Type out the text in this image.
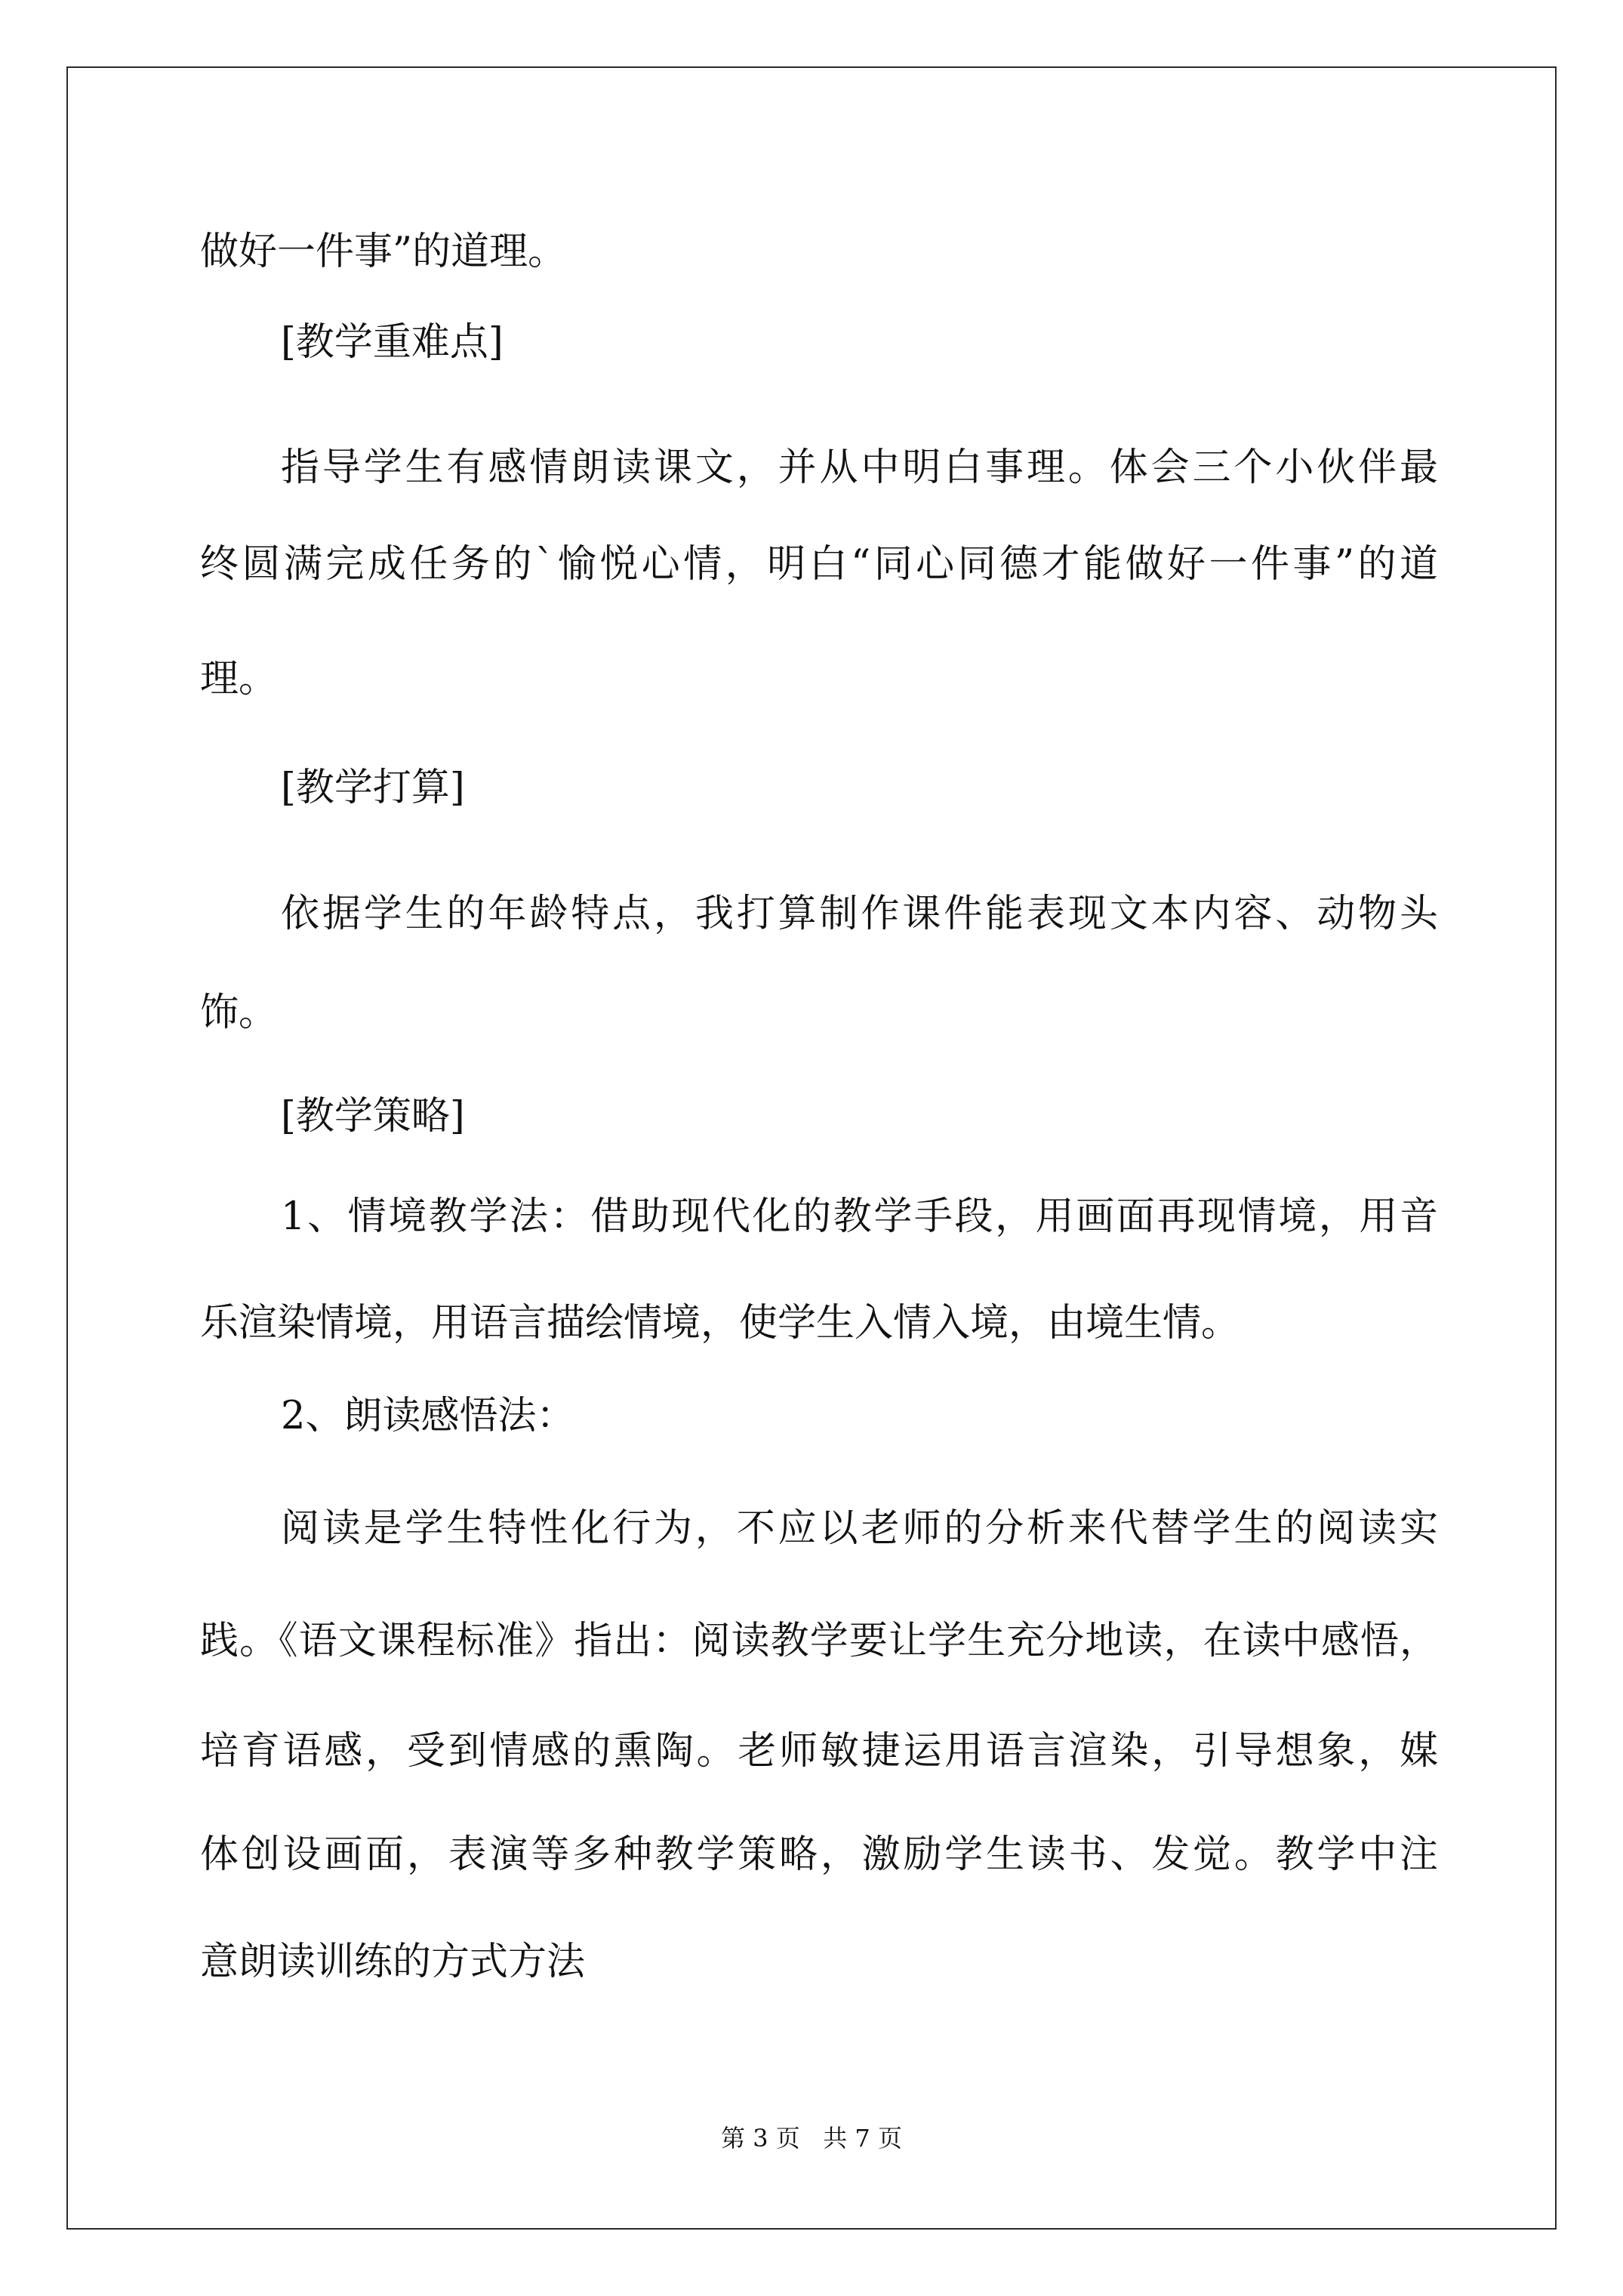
做好一件事”的道理。
[教学重难点]
指导学生有感情朗读课文，并从中明白事理。体会三个小伙伴最
终圆满完成任务的`愉悦心情，明白“同心同德才能做好一件事”的道
理。
[教学打算]
依据学生的年龄特点，我打算制作课件能表现文本内容、动物头
饰。
[教学策略]
1、情境教学法：借助现代化的教学手段，用画面再现情境，用音
乐渲染情境，用语言描绘情境，使学生入情入境，由境生情。
2、朗读感悟法：
阅读是学生特性化行为，不应以老师的分析来代替学生的阅读实
践。《语文课程标准》指出：阅读教学要让学生充分地读，在读中感悟，
培育语感，受到情感的熏陶。老师敏捷运用语言渲染，引导想象，媒
体创设画面，表演等多种教学策略，激励学生读书、发觉。教学中注
意朗读训练的方式方法
第 3 页   共 7 页
